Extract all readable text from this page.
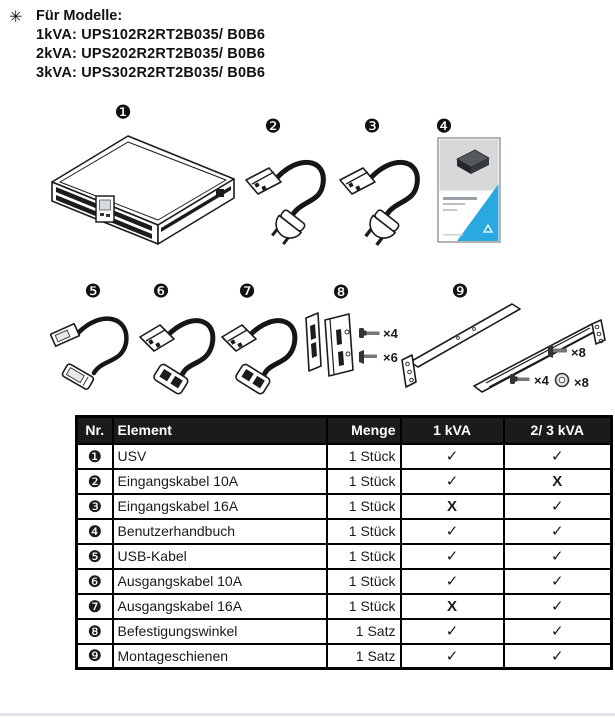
✳ Für Modelle:
1kVA: UPS102R2RT2B035/ B0B6
2kVA: UPS202R2RT2B035/ B0B6
3kVA: UPS302R2RT2B035/ B0B6
❶
❷	❸	❹
❺	❻	❼	❽	❾
×4
×6	×8
×4 ×8
Nr.	Element	Menge	1 kVA	2/ 3 kVA
❶	USV	1 Stück	✓	✓
❷	Eingangskabel 10A	1 Stück	✓	X
❸	Eingangskabel 16A	1 Stück	X	✓
❹	Benutzerhandbuch	1 Stück	✓	✓
❺	USB-Kabel	1 Stück	✓	✓
❻	Ausgangskabel 10A	1 Stück	✓	✓
❼	Ausgangskabel 16A	1 Stück	X	✓
❽	Befestigungswinkel	1 Satz	✓	✓
❾	Montageschienen	1 Satz	✓	✓
